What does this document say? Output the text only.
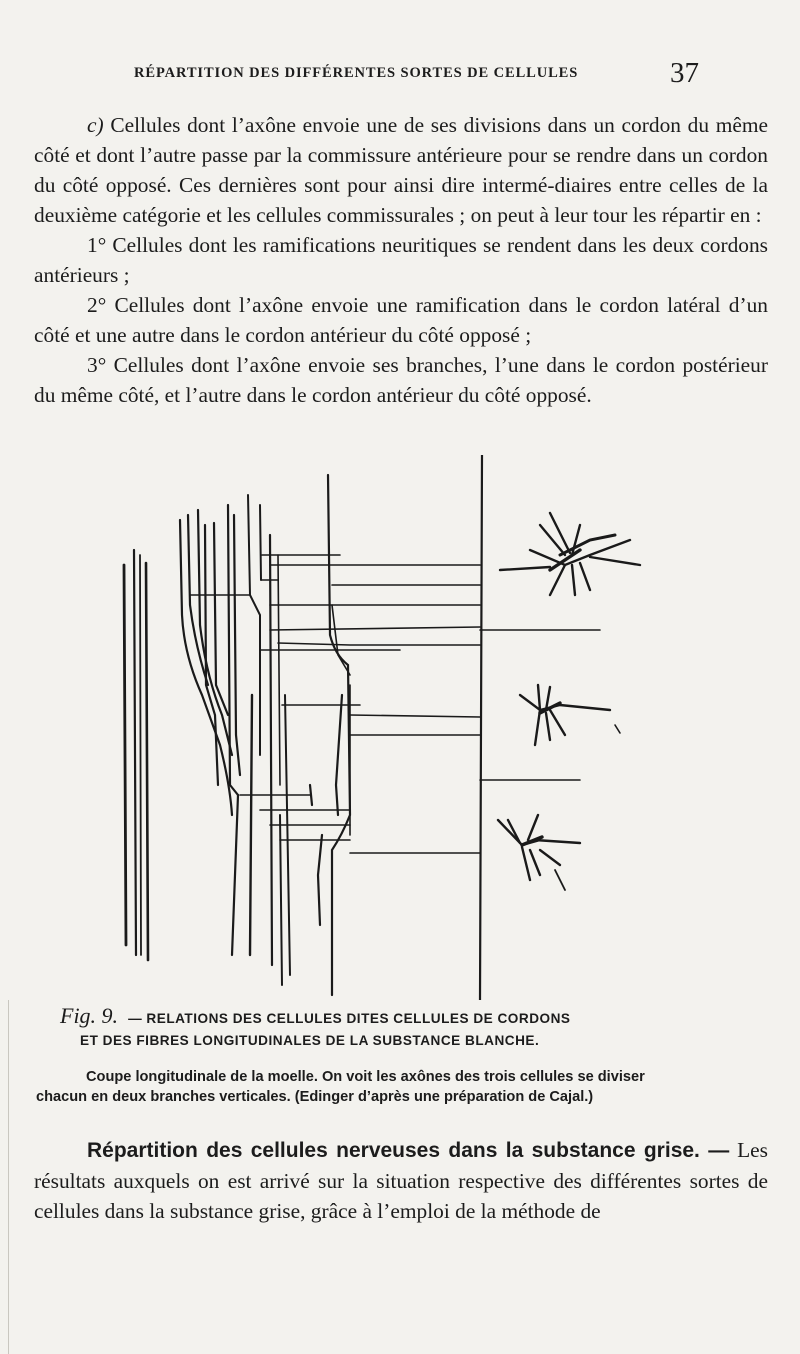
RÉPARTITION DES DIFFÉRENTES SORTES DE CELLULES	37

c) Cellules dont l’axône envoie une de ses divisions dans un cordon du même côté et dont l’autre passe par la commissure antérieure pour se rendre dans un cordon du côté opposé. Ces dernières sont pour ainsi dire intermé-diaires entre celles de la deuxième catégorie et les cellules commissurales ; on peut à leur tour les répartir en :

1° Cellules dont les ramifications neuritiques se rendent dans les deux cordons antérieurs ;

2° Cellules dont l’axône envoie une ramification dans le cordon latéral d’un côté et une autre dans le cordon antérieur du côté opposé ;

3° Cellules dont l’axône envoie ses branches, l’une dans le cordon postérieur du même côté, et l’autre dans le cordon antérieur du côté opposé.

Fig. 9. — RELATIONS DES CELLULES DITES CELLULES DE CORDONS
ET DES FIBRES LONGITUDINALES DE LA SUBSTANCE BLANCHE.
Coupe longitudinale de la moelle. On voit les axônes des trois cellules se diviser
chacun en deux branches verticales. (Edinger d’après une préparation de Cajal.)

Répartition des cellules nerveuses dans la substance grise. — Les résultats auxquels on est arrivé sur la situation respective des différentes sortes de cellules dans la substance grise, grâce à l’emploi de la méthode de
